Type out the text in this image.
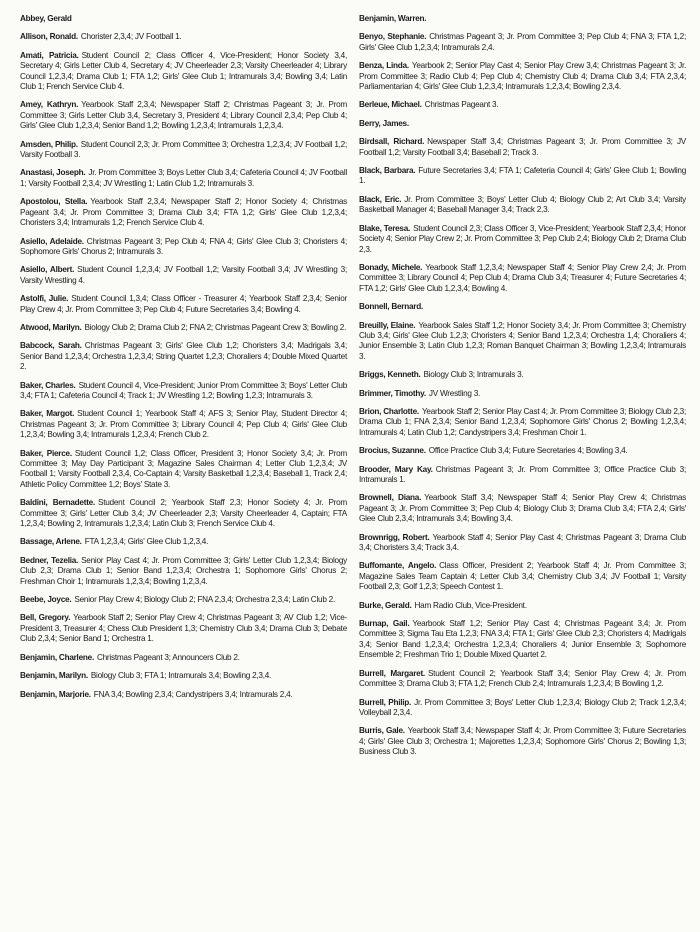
Abbey, Gerald
Allison, Ronald. Chorister 2,3,4; JV Football 1.
Amati, Patricia. Student Council 2; Class Officer 4, Vice-President; Honor Society 3,4, Secretary 4; Girls Letter Club 4, Secretary 4; JV Cheerleader 2,3; Varsity Cheerleader 4; Library Council 1,2,3,4; Drama Club 1; FTA 1,2; Girls' Glee Club 1; Intramurals 3,4; Bowling 3,4; Latin Club 1; French Service Club 4.
Amey, Kathryn. Yearbook Staff 2,3,4; Newspaper Staff 2; Christmas Pageant 3; Jr. Prom Committee 3; Girls Letter Club 3,4, Secretary 3, President 4; Library Council 2,3,4; Pep Club 4; Girls' Glee Club 1,2,3,4; Senior Band 1,2; Bowling 1,2,3,4; Intramurals 1,2,3,4.
Amsden, Philip. Student Council 2,3; Jr. Prom Committee 3; Orchestra 1,2,3,4; JV Football 1,2; Varsity Football 3.
Anastasi, Joseph. Jr. Prom Committee 3; Boys Letter Club 3,4; Cafeteria Council 4; JV Football 1; Varsity Football 2,3,4; JV Wrestling 1; Latin Club 1,2; Intramurals 3.
Apostolou, Stella. Yearbook Staff 2,3,4; Newspaper Staff 2; Honor Society 4; Christmas Pageant 3,4; Jr. Prom Committee 3; Drama Club 3,4; FTA 1,2; Girls' Glee Club 1,2,3,4; Choristers 3,4; Intramurals 1,2; French Service Club 4.
Asiello, Adelaide. Christmas Pageant 3; Pep Club 4; FNA 4; Girls' Glee Club 3; Choristers 4; Sophomore Girls' Chorus 2; Intramurals 3.
Asiello, Albert. Student Council 1,2,3,4; JV Football 1,2; Varsity Football 3,4; JV Wrestling 3; Varsity Wrestling 4.
Astolfi, Julie. Student Council 1,3,4; Class Officer - Treasurer 4; Yearbook Staff 2,3,4; Senior Play Crew 4; Jr. Prom Committee 3; Pep Club 4; Future Secretaries 3,4; Bowling 4.
Atwood, Marilyn. Biology Club 2; Drama Club 2; FNA 2; Christmas Pageant Crew 3; Bowling 2.
Babcock, Sarah. Christmas Pageant 3; Girls' Glee Club 1,2; Choristers 3,4; Madrigals 3,4; Senior Band 1,2,3,4; Orchestra 1,2,3,4; String Quartet 1,2,3; Choraliers 4; Double Mixed Quartet 2.
Baker, Charles. Student Council 4, Vice-President; Junior Prom Committee 3; Boys' Letter Club 3,4; FTA 1; Cafeteria Council 4; Track 1; JV Wrestling 1,2; Bowling 1,2,3; Intramurals 3.
Baker, Margot. Student Council 1; Yearbook Staff 4; AFS 3; Senior Play, Student Director 4; Christmas Pageant 3; Jr. Prom Committee 3; Library Council 4; Pep Club 4; Girls' Glee Club 1,2,3,4; Bowling 3,4; Intramurals 1,2,3,4; French Club 2.
Baker, Pierce. Student Council 1,2; Class Officer, President 3; Honor Society 3,4; Jr. Prom Committee 3; May Day Participant 3; Magazine Sales Chairman 4; Letter Club 1,2,3,4; JV Football 1; Varsity Football 2,3,4, Co-Captain 4; Varsity Basketball 1,2,3,4; Baseball 1, Track 2,4; Athletic Policy Committee 1,2; Boys' State 3.
Baldini, Bernadette. Student Council 2; Yearbook Staff 2,3; Honor Society 4; Jr. Prom Committee 3; Girls' Letter Club 3,4; JV Cheerleader 2,3; Varsity Cheerleader 4, Captain; FTA 1,2,3,4; Bowling 2, Intramurals 1,2,3,4; Latin Club 3; French Service Club 4.
Bassage, Arlene. FTA 1,2,3,4; Girls' Glee Club 1,2,3,4.
Bedner, Tezelia. Senior Play Cast 4; Jr. Prom Committee 3; Girls' Letter Club 1,2,3,4; Biology Club 2,3; Drama Club 1; Senior Band 1,2,3,4; Orchestra 1; Sophomore Girls' Chorus 2; Freshman Choir 1; Intramurals 1,2,3,4; Bowling 1,2,3,4.
Beebe, Joyce. Senior Play Crew 4; Biology Club 2; FNA 2,3,4; Orchestra 2,3,4; Latin Club 2.
Bell, Gregory. Yearbook Staff 2; Senior Play Crew 4; Christmas Pageant 3; AV Club 1,2; Vice-President 3, Treasurer 4; Chess Club President 1,3; Chemistry Club 3,4; Drama Club 3; Debate Club 2,3,4; Senior Band 1; Orchestra 1.
Benjamin, Charlene. Christmas Pageant 3; Announcers Club 2.
Benjamin, Marilyn. Biology Club 3; FTA 1; Intramurals 3,4; Bowling 2,3,4.
Benjamin, Marjorie. FNA 3,4; Bowling 2,3,4; Candystripers 3,4; Intramurals 2,4.
Benjamin, Warren.
Benyo, Stephanie. Christmas Pageant 3; Jr. Prom Committee 3; Pep Club 4; FNA 3; FTA 1,2; Girls' Glee Club 1,2,3,4; Intramurals 2,4.
Benza, Linda. Yearbook 2; Senior Play Cast 4; Senior Play Crew 3,4; Christmas Pageant 3; Jr. Prom Committee 3; Radio Club 4; Pep Club 4; Chemistry Club 4; Drama Club 3,4; FTA 2,3,4; Parliamentarian 4; Girls' Glee Club 1,2,3,4; Intramurals 1,2,3,4; Bowling 2,3,4.
Berleue, Michael. Christmas Pageant 3.
Berry, James.
Birdsall, Richard. Newspaper Staff 3,4; Christmas Pageant 3; Jr. Prom Committee 3; JV Football 1,2; Varsity Football 3,4; Baseball 2; Track 3.
Black, Barbara. Future Secretaries 3,4; FTA 1; Cafeteria Council 4; Girls' Glee Club 1; Bowling 1.
Black, Eric. Jr. Prom Committee 3; Boys' Letter Club 4; Biology Club 2; Art Club 3,4; Varsity Basketball Manager 4; Baseball Manager 3,4; Track 2,3.
Blake, Teresa. Student Council 2,3; Class Officer 3, Vice-President; Yearbook Staff 2,3,4; Honor Society 4; Senior Play Crew 2; Jr. Prom Committee 3; Pep Club 2,4; Biology Club 2; Drama Club 2,3.
Bonady, Michele. Yearbook Staff 1,2,3,4; Newspaper Staff 4; Senior Play Crew 2,4; Jr. Prom Committee 3; Library Council 4; Pep Club 4; Drama Club 3,4; Treasurer 4; Future Secretaries 4; FTA 1,2; Girls' Glee Club 1,2,3,4; Bowling 4.
Bonnell, Bernard.
Breuilly, Elaine. Yearbook Sales Staff 1,2; Honor Society 3,4; Jr. Prom Committee 3; Chemistry Club 3,4; Girls' Glee Club 1,2,3; Choristers 4; Senior Band 1,2,3,4; Orchestra 1,4; Choraliers 4; Junior Ensemble 3; Latin Club 1,2,3; Roman Banquet Chairman 3; Bowling 1,2,3,4; Intramurals 3.
Briggs, Kenneth. Biology Club 3; Intramurals 3.
Brimmer, Timothy. JV Wrestling 3.
Brion, Charlotte. Yearbook Staff 2; Senior Play Cast 4; Jr. Prom Committee 3; Biology Club 2,3; Drama Club 1; FNA 2,3,4; Senior Band 1,2,3,4; Sophomore Girls' Chorus 2; Bowling 1,2,3,4; Intramurals 4; Latin Club 1,2; Candystripers 3,4; Freshman Choir 1.
Brocius, Suzanne. Office Practice Club 3,4; Future Secretaries 4; Bowling 3,4.
Brooder, Mary Kay. Christmas Pageant 3; Jr. Prom Committee 3; Office Practice Club 3; Intramurals 1.
Brownell, Diana. Yearbook Staff 3,4; Newspaper Staff 4; Senior Play Crew 4; Christmas Pageant 3; Jr. Prom Committee 3; Pep Club 4; Biology Club 3; Drama Club 3,4; FTA 2,4; Girls' Glee Club 2,3,4; Intramurals 3,4; Bowling 3,4.
Brownrigg, Robert. Yearbook Staff 4; Senior Play Cast 4; Christmas Pageant 3; Drama Club 3,4; Choristers 3,4; Track 3,4.
Buffomante, Angelo. Class Officer, President 2; Yearbook Staff 4; Jr. Prom Committee 3; Magazine Sales Team Captain 4; Letter Club 3,4; Chemistry Club 3,4; JV Football 1; Varsity Football 2,3; Golf 1,2,3; Speech Contest 1.
Burke, Gerald. Ham Radio Club, Vice-President.
Burnap, Gail. Yearbook Staff 1,2; Senior Play Cast 4; Christmas Pageant 3,4; Jr. Prom Committee 3; Sigma Tau Eta 1,2,3; FNA 3,4; FTA 1; Girls' Glee Club 2,3; Choristers 4; Madrigals 3,4; Senior Band 1,2,3,4; Orchestra 1,2,3,4; Choraliers 4; Junior Ensemble 3; Sophomore Ensemble 2; Freshman Trio 1; Double Mixed Quartet 2.
Burrell, Margaret. Student Council 2; Yearbook Staff 3,4; Senior Play Crew 4; Jr. Prom Committee 3; Drama Club 3; FTA 1,2; French Club 2,4; Intramurals 1,2,3,4; B Bowling 1,2.
Burrell, Philip. Jr. Prom Committee 3; Boys' Letter Club 1,2,3,4; Biology Club 2; Track 1,2,3,4; Volleyball 2,3,4.
Burris, Gale. Yearbook Staff 3,4; Newspaper Staff 4; Jr. Prom Committee 3; Future Secretaries 4; Girls' Glee Club 3; Orchestra 1; Majorettes 1,2,3,4; Sophomore Girls' Chorus 2; Bowling 1,3; Business Club 3.
